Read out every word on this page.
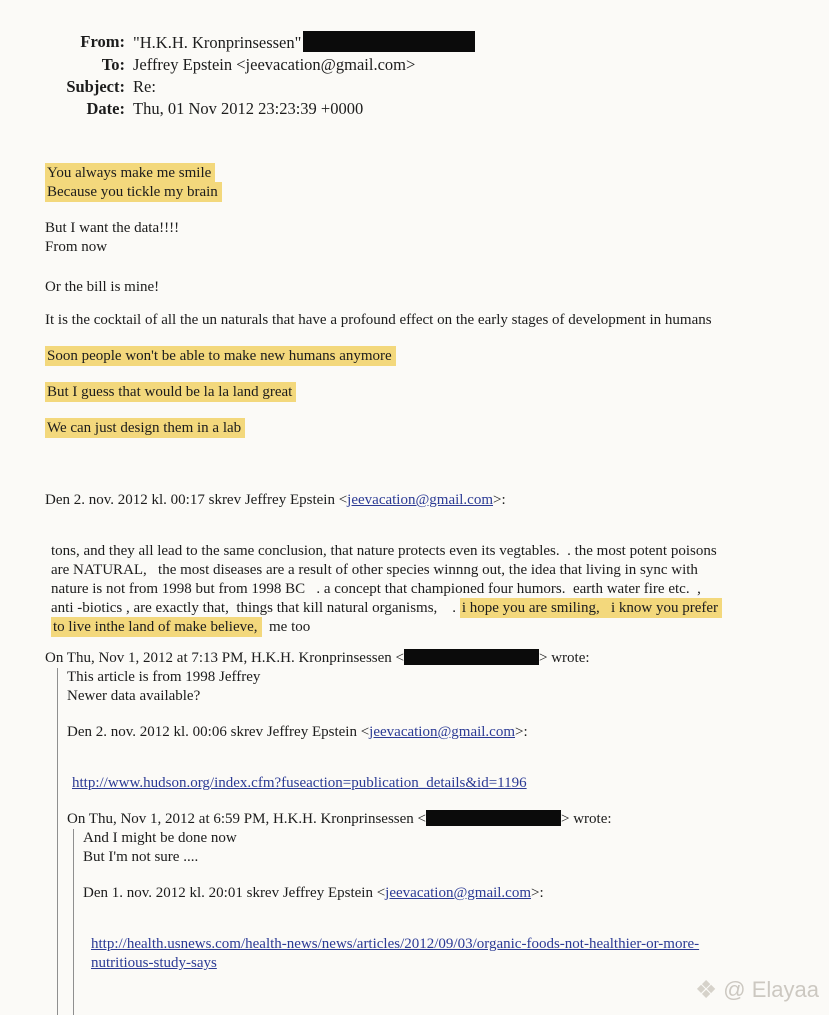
From: "H.K.H. Kronprinsessen"
To: Jeffrey Epstein <jeevacation@gmail.com>
Subject: Re:
Date: Thu, 01 Nov 2012 23:23:39 +0000
You always make me smile
Because you tickle my brain
But I want the data!!!!
From now
Or the bill is mine!
It is the cocktail of all the un naturals that have a profound effect on the early stages of development in humans
Soon people won't be able to make new humans anymore
But I guess that would be la la land great
We can just design them in a lab
Den 2. nov. 2012 kl. 00:17 skrev Jeffrey Epstein <jeevacation@gmail.com>:
tons, and they all lead to the same conclusion, that nature protects even its vegtables.  . the most potent poisons
are NATURAL,   the most diseases are a result of other species winnng out, the idea that living in sync with
nature is not from 1998 but from 1998 BC   . a concept that championed four humors.  earth water fire etc.  ,
anti -biotics , are exactly that,  things that kill natural organisms,    . i hope you are smiling,   i know you prefer
to live inthe land of make believe,  me too
On Thu, Nov 1, 2012 at 7:13 PM, H.K.H. Kronprinsessen <	> wrote:
This article is from 1998 Jeffrey
Newer data available?
Den 2. nov. 2012 kl. 00:06 skrev Jeffrey Epstein <jeevacation@gmail.com>:
http://www.hudson.org/index.cfm?fuseaction=publication_details&id=1196
On Thu, Nov 1, 2012 at 6:59 PM, H.K.H. Kronprinsessen <	> wrote:
And I might be done now
But I'm not sure ....
Den 1. nov. 2012 kl. 20:01 skrev Jeffrey Epstein <jeevacation@gmail.com>:
http://health.usnews.com/health-news/news/articles/2012/09/03/organic-foods-not-healthier-or-more-
nutritious-study-says
❖ @ Elayaa
